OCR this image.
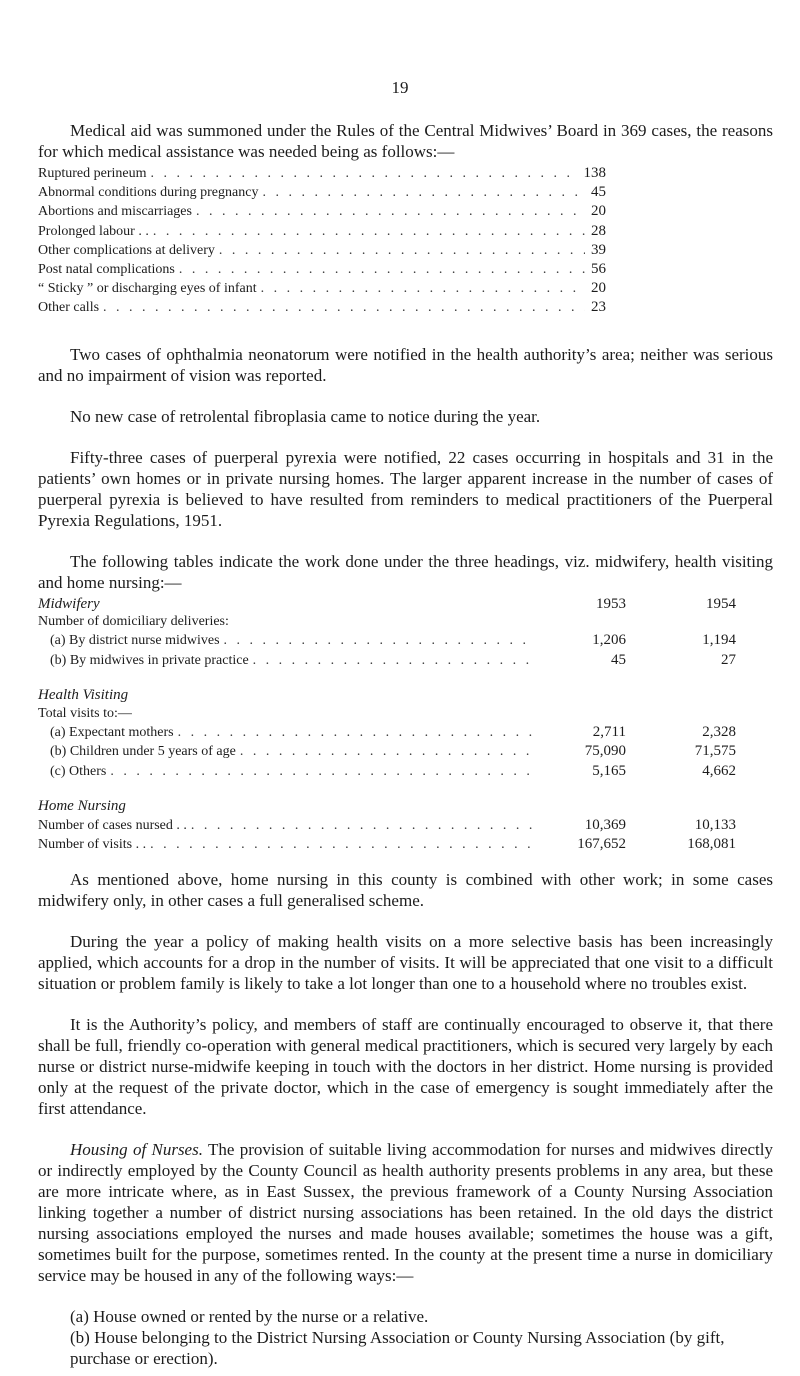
19

Medical aid was summoned under the Rules of the Central Midwives’ Board in 369 cases, the reasons for which medical assistance was needed being as follows:—

Ruptured perineum . . .	138
Abnormal conditions during pregnancy . . .	45
Abortions and miscarriages . . .	20
Prolonged labour . . . . .	28
Other complications at delivery . . .	39
Post natal complications . . .	56
“ Sticky ” or discharging eyes of infant . . .	20
Other calls . . .	23

Two cases of ophthalmia neonatorum were notified in the health authority’s area; neither was serious and no impairment of vision was reported.

No new case of retrolental fibroplasia came to notice during the year.

Fifty-three cases of puerperal pyrexia were notified, 22 cases occurring in hospitals and 31 in the patients’ own homes or in private nursing homes. The larger apparent increase in the number of cases of puerperal pyrexia is believed to have resulted from reminders to medical practitioners of the Puerperal Pyrexia Regulations, 1951.

The following tables indicate the work done under the three headings, viz. midwifery, health visiting and home nursing:—

Midwifery	1953	1954
Number of domiciliary deliveries:
(a) By district nurse midwives . . .	1,206	1,194
(b) By midwives in private practice . . .	45	27
Health Visiting
Total visits to:—
(a) Expectant mothers . . .	2,711	2,328
(b) Children under 5 years of age . . .	75,090	71,575
(c) Others . . .	5,165	4,662
Home Nursing
Number of cases nursed . . . . .	10,369	10,133
Number of visits . . . . .	167,652	168,081

As mentioned above, home nursing in this county is combined with other work; in some cases midwifery only, in other cases a full generalised scheme.

During the year a policy of making health visits on a more selective basis has been increasingly applied, which accounts for a drop in the number of visits. It will be appreciated that one visit to a difficult situation or problem family is likely to take a lot longer than one to a household where no troubles exist.

It is the Authority’s policy, and members of staff are continually encouraged to observe it, that there shall be full, friendly co-operation with general medical practitioners, which is secured very largely by each nurse or district nurse-midwife keeping in touch with the doctors in her district. Home nursing is provided only at the request of the private doctor, which in the case of emergency is sought immediately after the first attendance.

Housing of Nurses. The provision of suitable living accommodation for nurses and midwives directly or indirectly employed by the County Council as health authority presents problems in any area, but these are more intricate where, as in East Sussex, the previous framework of a County Nursing Association linking together a number of district nursing associations has been retained. In the old days the district nursing associations employed the nurses and made houses available; sometimes the house was a gift, sometimes built for the purpose, sometimes rented. In the county at the present time a nurse in domiciliary service may be housed in any of the following ways:—

(a) House owned or rented by the nurse or a relative.

(b) House belonging to the District Nursing Association or County Nursing Association (by gift, purchase or erection).
